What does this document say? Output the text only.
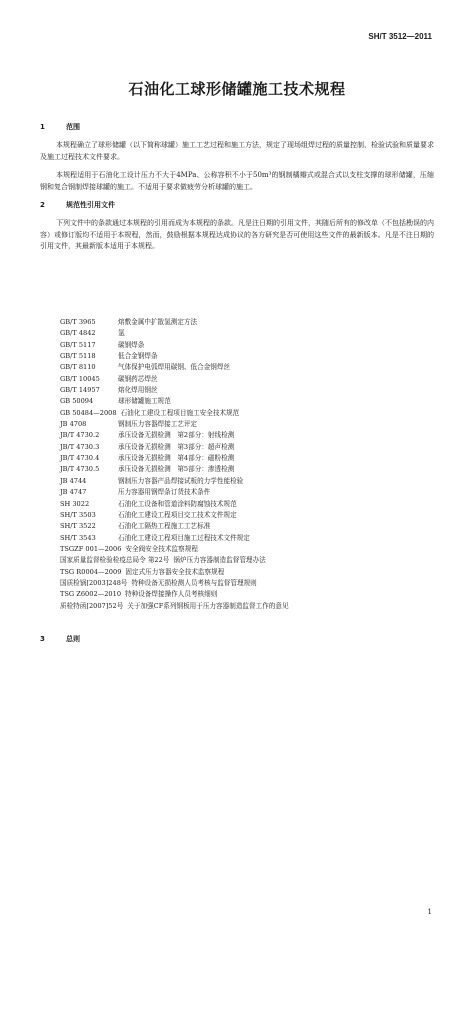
SH/T 3512—2011
石油化工球形储罐施工技术规程
1	范围
本规程确立了球形储罐（以下简称球罐）施工工艺过程和施工方法，规定了现场组焊过程的质量控制、检验试验和质量要求及施工过程技术文件要求。
本规程适用于石油化工设计压力不大于4MPa、公称容积不小于50m³的钢制橘瓣式或混合式以支柱支撑的球形储罐，压缩钢和复合钢制焊接球罐的施工。不适用于要求做疲劳分析球罐的施工。
2	规范性引用文件
下列文件中的条款通过本规程的引用而成为本规程的条款。凡是注日期的引用文件，其随后所有的修改单（不包括勘误的内容）或修订版均不适用于本规程，然而，鼓励根据本规程达成协议的各方研究是否可使用这些文件的最新版本。凡是不注日期的引用文件，其最新版本适用于本规程。
GB/T 3965	熔敷金属中扩散氢测定方法
GB/T 4842	氩
GB/T 5117	碳钢焊条
GB/T 5118	低合金钢焊条
GB/T 8110	气体保护电弧焊用碳钢、低合金钢焊丝
GB/T 10045	碳钢药芯焊丝
GB/T 14957	熔化焊用钢丝
GB 50094	球形储罐施工规范
GB 50484—2008 石油化工建设工程项目施工安全技术规范
JB 4708	钢制压力容器焊接工艺评定
JB/T 4730.2	承压设备无损检测　第2部分：射线检测
JB/T 4730.3	承压设备无损检测　第3部分：超声检测
JB/T 4730.4	承压设备无损检测　第4部分：磁粉检测
JB/T 4730.5	承压设备无损检测　第5部分：渗透检测
JB 4744	钢制压力容器产品焊接试板的力学性能检验
JB 4747	压力容器用钢焊条订货技术条件
SH 3022	石油化工设备和管道涂料防腐蚀技术规范
SH/T 3503	石油化工建设工程项目交工技术文件规定
SH/T 3522	石油化工隔热工程施工工艺标准
SH/T 3543	石油化工建设工程项目施工过程技术文件规定
TSGZF 001—2006 安全阀安全技术监察规程
国家质量监督检验检疫总局令 第22号 锅炉压力容器制造监督管理办法
TSG R0004—2009 固定式压力容器安全技术监察规程
国质检锅[2003]248号 特种设备无损检测人员考核与监督管理规则
TSG Z6002—2010 特种设备焊接操作人员考核细则
质检特函[2007]52号 关于加强CF系列钢板用于压力容器制造监督工作的意见
3	总则
1
